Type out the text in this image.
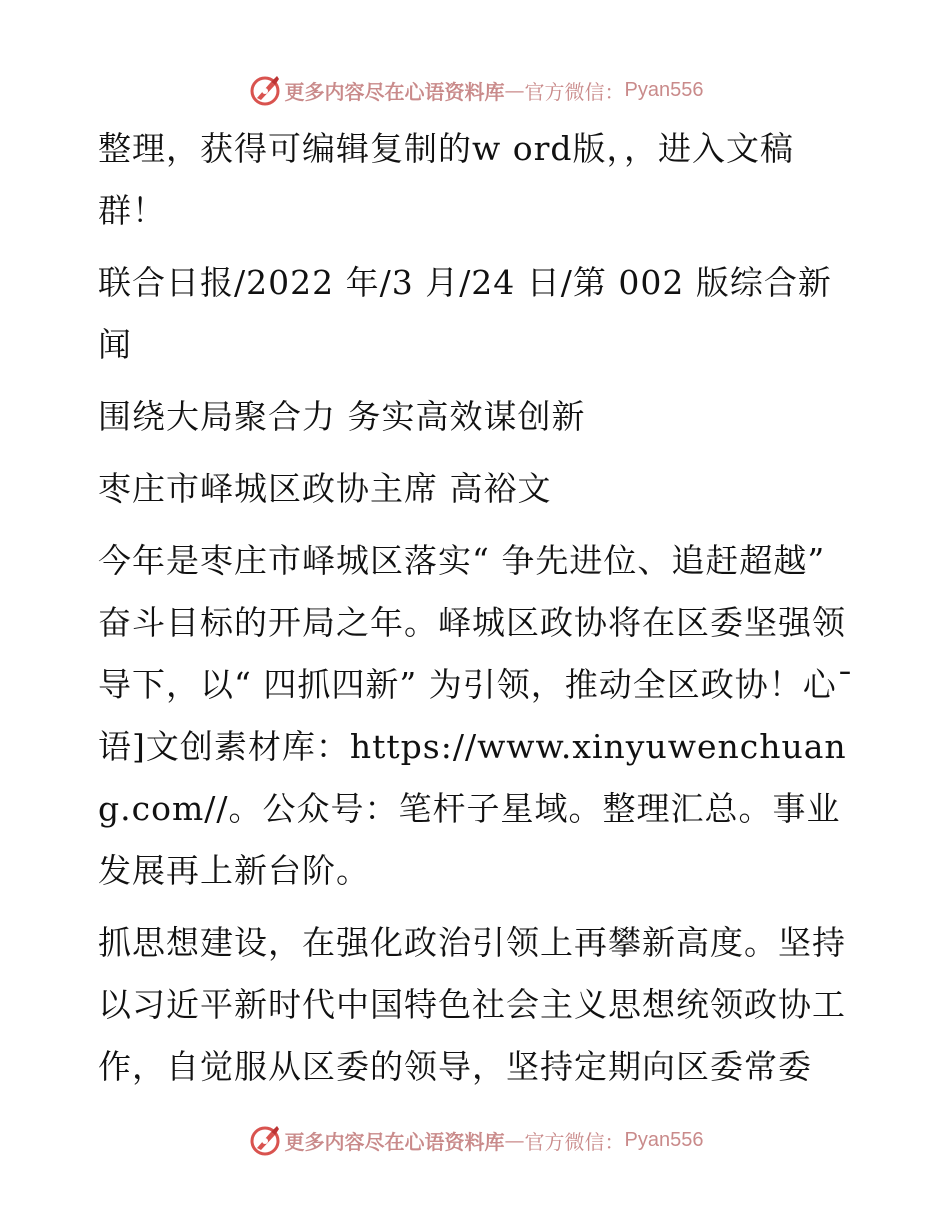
更多内容尽在心语资料库 — 官方微信： Pyan556

整理，获得可编辑复制的w ord版，，进入文稿群！

联合日报/2022 年/3 月/24 日/第 002 版综合新闻

围绕大局聚合力 务实高效谋创新

枣庄市峄城区政协主席 高裕文

今年是枣庄市峄城区落实“ 争先进位、追赶超越” 奋斗目标的开局之年。峄城区政协将在区委坚强领导下，以“ 四抓四新” 为引领，推动全区政协！心¯语]文创素材库：https://www.xinyuwenchuang.com//。公众号：笔杆子星域。整理汇总。事业发展再上新台阶。

抓思想建设，在强化政治引领上再攀新高度。坚持以习近平新时代中国特色社会主义思想统领政协工作，自觉服从区委的领导，坚持定期向区委常委

更多内容尽在心语资料库 — 官方微信： Pyan556
